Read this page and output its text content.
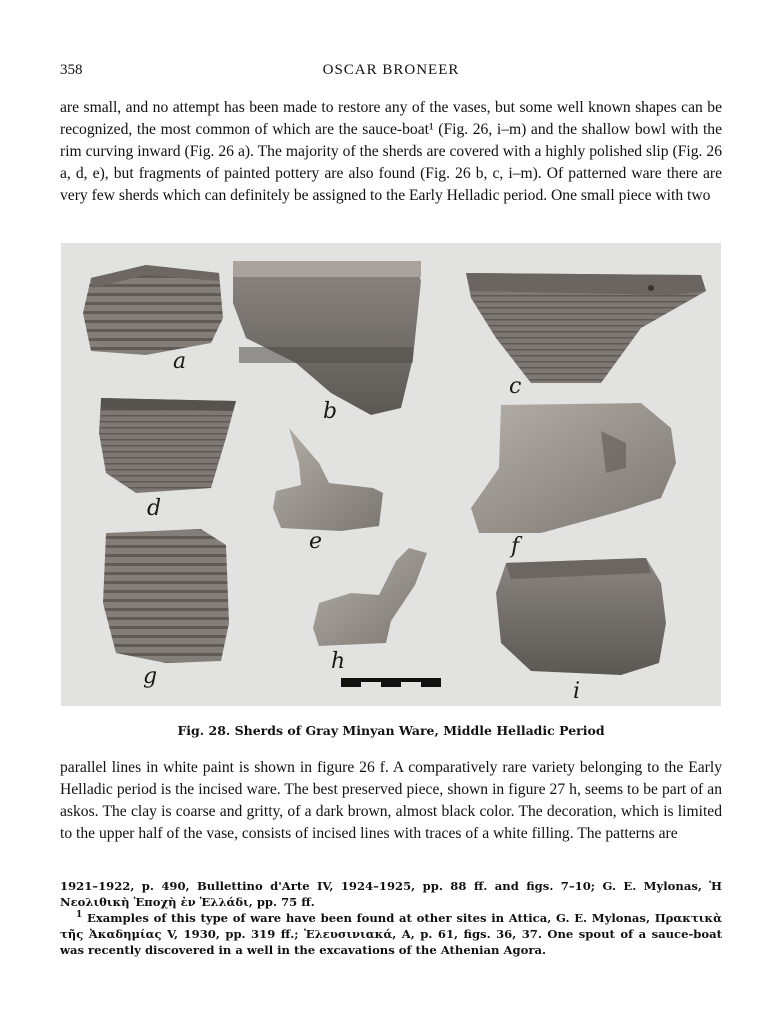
358	OSCAR BRONEER

are small, and no attempt has been made to restore any of the vases, but some well known shapes can be recognized, the most common of which are the sauce-boat¹ (Fig. 26, i–m) and the shallow bowl with the rim curving inward (Fig. 26 a). The majority of the sherds are covered with a highly polished slip (Fig. 26 a, d, e), but fragments of painted pottery are also found (Fig. 26 b, c, i–m). Of patterned ware there are very few sherds which can definitely be assigned to the Early Helladic period. One small piece with two

a
b
c
d
e	f
g
h
i
Fig. 28. Sherds of Gray Minyan Ware, Middle Helladic Period

parallel lines in white paint is shown in figure 26 f. A comparatively rare variety belonging to the Early Helladic period is the incised ware. The best preserved piece, shown in figure 27 h, seems to be part of an askos. The clay is coarse and gritty, of a dark brown, almost black color. The decoration, which is limited to the upper half of the vase, consists of incised lines with traces of a white filling. The patterns are

1921–1922, p. 490, Bullettino d'Arte IV, 1924–1925, pp. 88 ff. and figs. 7–10; G. E. Mylonas, Ἡ Νεολιθικὴ Ἐποχὴ ἐν Ἑλλάδι, pp. 75 ff.

$^1$ Examples of this type of ware have been found at other sites in Attica, G. E. Mylonas, Πρακτικὰ τῆς Ἀκαδημίας V, 1930, pp. 319 ff.; Ἐλευσινιακά, A, p. 61, figs. 36, 37. One spout of a sauce-boat was recently discovered in a well in the excavations of the Athenian Agora.
